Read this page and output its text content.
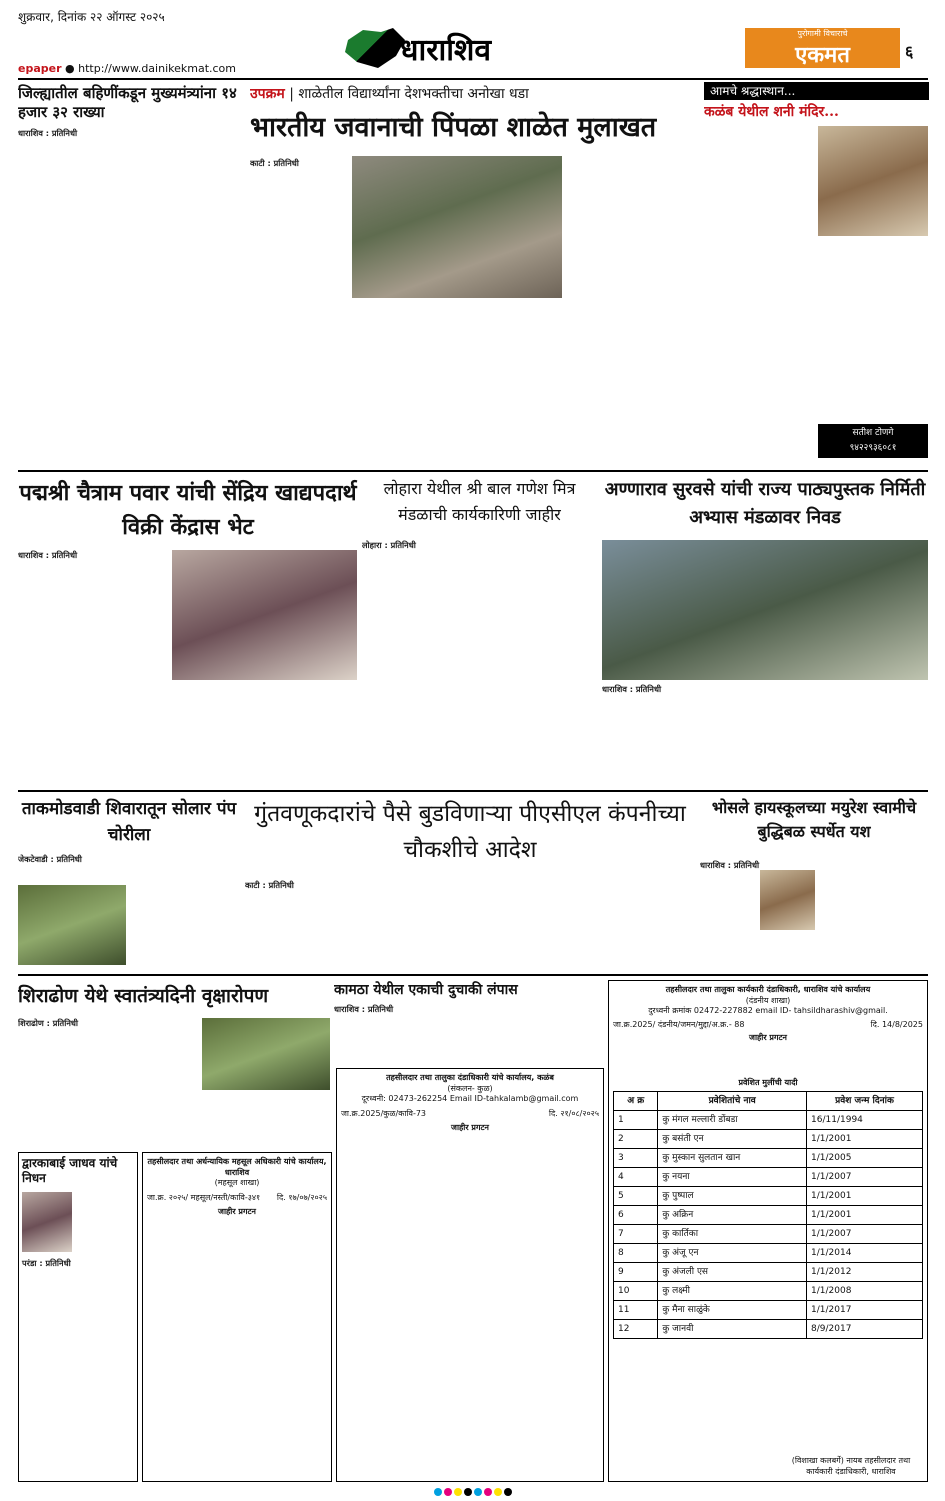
शुक्रवार, दिनांक २२ ऑगस्ट २०२५
epaper ● http://www.dainikekmat.com
धाराशिव	पुरोगामी विचाराचे
एकमत	६
जिल्ह्यातील बहिणींकडून मुख्यमंत्र्यांना १४ हजार ३२ राख्या
धाराशिव : प्रतिनिधी
उपक्रम | शाळेतील विद्यार्थ्यांना देशभक्तीचा अनोखा धडा
भारतीय जवानाची पिंपळा शाळेत मुलाखत
काटी : प्रतिनिधी
आमचे श्रद्धास्थान...
कळंब येथील शनी मंदिर...
सतीश टोणगे
९४२२९३६०८१
पद्मश्री चैत्राम पवार यांची सेंद्रिय खाद्यपदार्थ विक्री केंद्रास भेट
धाराशिव : प्रतिनिधी
लोहारा येथील श्री बाल गणेश मित्र मंडळाची कार्यकारिणी जाहीर
लोहारा : प्रतिनिधी
अण्णाराव सुरवसे यांची राज्य पाठ्यपुस्तक निर्मिती अभ्यास मंडळावर निवड
धाराशिव : प्रतिनिधी
ताकमोडवाडी शिवारातून सोलार पंप चोरीला
जेकटेवाडी : प्रतिनिधी
गुंतवणूकदारांचे पैसे बुडविणाऱ्या पीएसीएल कंपनीच्या चौकशीचे आदेश
काटी : प्रतिनिधी
भोसले हायस्कूलच्या मयुरेश स्वामीचे बुद्धिबळ स्पर्धेत यश
धाराशिव : प्रतिनिधी
शिराढोण येथे स्वातंत्र्यदिनी वृक्षारोपण
शिराढोण : प्रतिनिधी
कामठा येथील एकाची दुचाकी लंपास
धाराशिव : प्रतिनिधी
द्वारकाबाई जाधव यांचे निधन
परंडा : प्रतिनिधी
तहसीलदार तथा अर्धन्यायिक महसूल अधिकारी यांचे कार्यालय, धाराशिव
(महसूल शाखा)
जा.क्र. २०२५/ महसूल/नस्ती/कावि-३४१ दि. १७/०७/२०२५
जाहीर प्रगटन
तहसीलदार तथा तालुका दंडाधिकारी यांचे कार्यालय, कळंब
(संकलन- कुळ)
दूरध्वनी: 02473-262254 Email ID-tahkalamb@gmail.com
जा.क्र.2025/कुळ/कावि-73	दि. २१/०८/२०२५
जाहीर प्रगटन
तहसीलदार तथा तालुका कार्यकारी दंडाधिकारी, धाराशिव यांचे कार्यालय
(दंडनीय शाखा)
दुरध्वनी क्रमांक 02472-227882 email ID- tahsildharashiv@gmail.
जा.क्र.2025/ दंडनीय/जमन/मुद्दा/अ.क्र.- 88	दि. 14/8/2025
जाहीर प्रगटन
प्रवेशित मुलींची यादी
अ क्र	प्रवेशितांचे नाव	प्रवेश जन्म दिनांक
1	कु मंगल मल्लारी डोंबडा	16/11/1994
2	कु बसंती एन	1/1/2001
3	कु मुस्कान सुलतान खान	1/1/2005
4	कु नयना	1/1/2007
5	कु पुष्पाल	1/1/2001
6	कु अक्रिन	1/1/2001
7	कु कार्तिका	1/1/2007
8	कु अंजू एन	1/1/2014
9	कु अंजली एस	1/1/2012
10	कु लक्ष्मी	1/1/2008
11	कु मैना साळुंके	1/1/2017
12	कु जानवी	8/9/2017
(विशाखा कलबर्गे) नायब तहसीलदार तथा कार्यकारी दंडाधिकारी, धाराशिव
